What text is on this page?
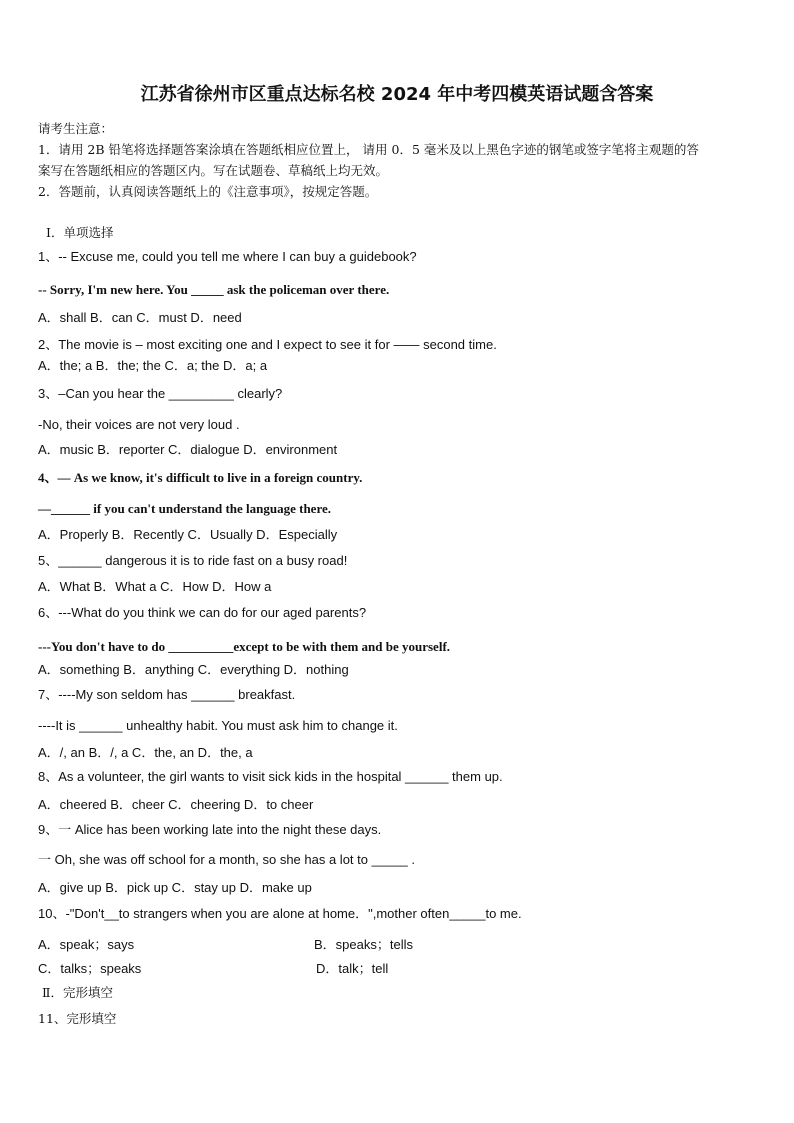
江苏省徐州市区重点达标名校 2024 年中考四模英语试题含答案
请考生注意：
1．请用 2B 铅笔将选择题答案涂填在答题纸相应位置上， 请用 0．5 毫米及以上黑色字迹的钢笔或签字笔将主观题的答
案写在答题纸相应的答题区内。写在试题卷、草稿纸上均无效。
2．答题前，认真阅读答题纸上的《注意事项》，按规定答题。
Ⅰ．单项选择
1、-- Excuse me, could you tell me where I can buy a guidebook?
-- Sorry, I'm new here. You _____ ask the policeman over there.
A．shall B．can C．must D．need
2、The movie is – most exciting one and I expect to see it for —— second time.
A．the; a B．the; the C．a; the D．a; a
3、–Can you hear the _________ clearly?
-No, their voices are not very loud .
A．music B．reporter C．dialogue D．environment
4、— As we know, it's difficult to live in a foreign country.
—______ if you can't understand the language there.
A．Properly B．Recently C．Usually D．Especially
5、______ dangerous it is to ride fast on a busy road!
A．What B．What a C．How D．How a
6、---What do you think we can do for our aged parents?
---You don't have to do __________except to be with them and be yourself.
A．something B．anything C．everything D．nothing
7、----My son seldom has ______ breakfast.
----It is ______ unhealthy habit. You must ask him to change it.
A．/, an B．/, a C．the, an D．the, a
8、As a volunteer, the girl wants to visit sick kids in the hospital ______ them up.
A．cheered B．cheer C．cheering D．to cheer
9、一 Alice has been working late into the night these days.
一 Oh, she was off school for a month, so she has a lot to _____ .
A．give up B．pick up C．stay up D．make up
10、-"Don't__to strangers when you are alone at home．",mother often_____to me.
A．speak；says	B．speaks；tells
C．talks；speaks	D．talk；tell
Ⅱ．完形填空
11、完形填空
